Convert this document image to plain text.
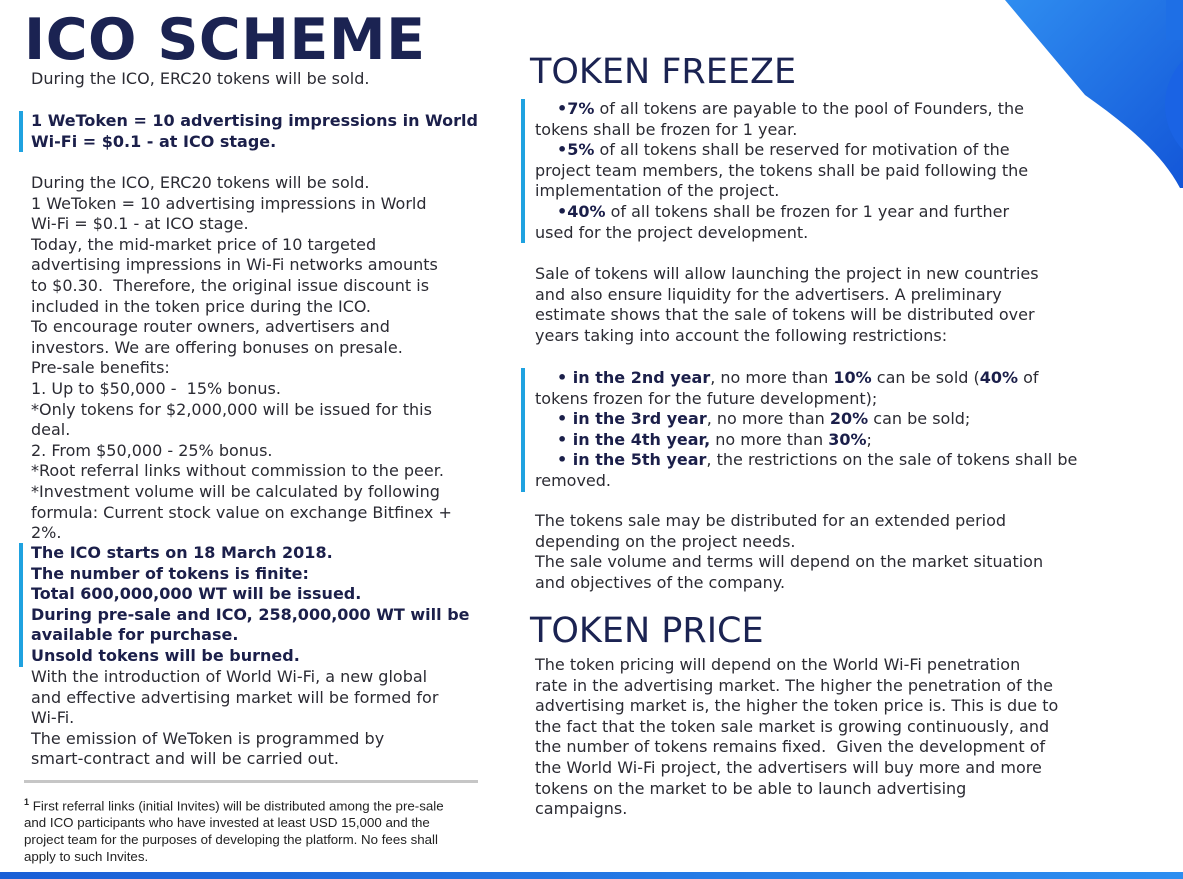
ICO SCHEME

During the ICO, ERC20 tokens will be sold.

1 WeToken = 10 advertising impressions in World

Wi-Fi = $0.1 - at ICO stage.

During the ICO, ERC20 tokens will be sold.

1 WeToken = 10 advertising impressions in World

Wi-Fi = $0.1 - at ICO stage.

Today, the mid-market price of 10 targeted

advertising impressions in Wi-Fi networks amounts

to $0.30.  Therefore, the original issue discount is

included in the token price during the ICO.

To encourage router owners, advertisers and

investors. We are offering bonuses on presale.

Pre-sale benefits:

1. Up to $50,000 -  15% bonus.

*Only tokens for $2,000,000 will be issued for this

deal.

2. From $50,000 - 25% bonus.

*Root referral links without commission to the peer.

*Investment volume will be calculated by following

formula: Current stock value on exchange Bitfinex +

2%.

The ICO starts on 18 March 2018.

The number of tokens is finite:

Total 600,000,000 WT will be issued.

During pre-sale and ICO, 258,000,000 WT will be

available for purchase.

Unsold tokens will be burned.

With the introduction of World Wi-Fi, a new global

and effective advertising market will be formed for

Wi-Fi.

The emission of WeToken is programmed by

smart-contract and will be carried out.

$^1$ First referral links (initial Invites) will be distributed among the pre-sale
and ICO participants who have invested at least USD 15,000 and the
project team for the purposes of developing the platform. No fees shall
apply to such Invites.
TOKEN FREEZE

•7% of all tokens are payable to the pool of Founders, the

tokens shall be frozen for 1 year.

•5% of all tokens shall be reserved for motivation of the

project team members, the tokens shall be paid following the

implementation of the project.

•40% of all tokens shall be frozen for 1 year and further

used for the project development.

Sale of tokens will allow launching the project in new countries

and also ensure liquidity for the advertisers. A preliminary

estimate shows that the sale of tokens will be distributed over

years taking into account the following restrictions:

• in the 2nd year, no more than 10% can be sold (40% of

tokens frozen for the future development);

• in the 3rd year, no more than 20% can be sold;

• in the 4th year, no more than 30%;

• in the 5th year, the restrictions on the sale of tokens shall be

removed.

The tokens sale may be distributed for an extended period

depending on the project needs.

The sale volume and terms will depend on the market situation

and objectives of the company.

TOKEN PRICE

The token pricing will depend on the World Wi-Fi penetration

rate in the advertising market. The higher the penetration of the

advertising market is, the higher the token price is. This is due to

the fact that the token sale market is growing continuously, and

the number of tokens remains fixed.  Given the development of

the World Wi-Fi project, the advertisers will buy more and more

tokens on the market to be able to launch advertising

campaigns.
